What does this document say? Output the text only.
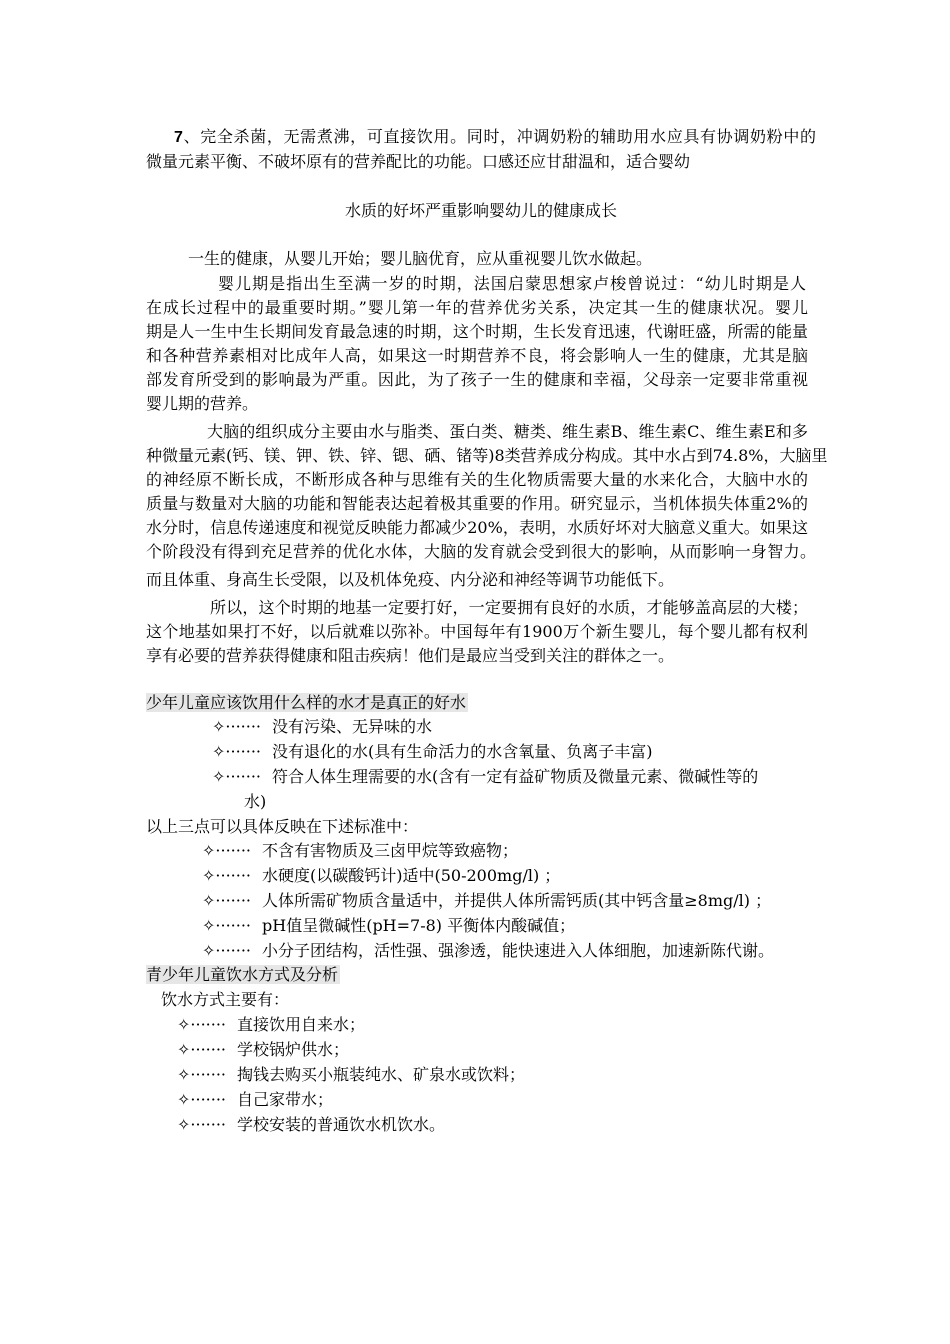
7、完全杀菌，无需煮沸，可直接饮用。同时，冲调奶粉的辅助用水应具有协调奶粉中的
微量元素平衡、不破坏原有的营养配比的功能。口感还应甘甜温和，适合婴幼
水质的好坏严重影响婴幼儿的健康成长
一生的健康，从婴儿开始；婴儿脑优育，应从重视婴儿饮水做起。
婴儿期是指出生至满一岁的时期，法国启蒙思想家卢梭曾说过：“幼儿时期是人
在成长过程中的最重要时期。”婴儿第一年的营养优劣关系，决定其一生的健康状况。婴儿
期是人一生中生长期间发育最急速的时期，这个时期，生长发育迅速，代谢旺盛，所需的能量
和各种营养素相对比成年人高，如果这一时期营养不良，将会影响人一生的健康，尤其是脑
部发育所受到的影响最为严重。因此，为了孩子一生的健康和幸福，父母亲一定要非常重视
婴儿期的营养。
大脑的组织成分主要由水与脂类、蛋白类、糖类、维生素B、维生素C、维生素E和多
种微量元素(钙、镁、钾、铁、锌、锶、硒、锗等)8类营养成分构成。其中水占到74.8%，大脑里
的神经原不断长成，不断形成各种与思维有关的生化物质需要大量的水来化合，大脑中水的
质量与数量对大脑的功能和智能表达起着极其重要的作用。研究显示，当机体损失体重2%的
水分时，信息传递速度和视觉反映能力都减少20%，表明，水质好坏对大脑意义重大。如果这
个阶段没有得到充足营养的优化水体，大脑的发育就会受到很大的影响，从而影响一身智力。
而且体重、身高生长受限，以及机体免疫、内分泌和神经等调节功能低下。
所以，这个时期的地基一定要打好，一定要拥有良好的水质，才能够盖高层的大楼；
这个地基如果打不好，以后就难以弥补。中国每年有1900万个新生婴儿，每个婴儿都有权利
享有必要的营养获得健康和阻击疾病！他们是最应当受到关注的群体之一。
少年儿童应该饮用什么样的水才是真正的好水
✧······· 没有污染、无异味的水
✧······· 没有退化的水(具有生命活力的水含氧量、负离子丰富)
✧······· 符合人体生理需要的水(含有一定有益矿物质及微量元素、微碱性等的
水)
以上三点可以具体反映在下述标准中：
✧······· 不含有害物质及三卤甲烷等致癌物；
✧······· 水硬度(以碳酸钙计)适中(50-200mg/l) ；
✧······· 人体所需矿物质含量适中，并提供人体所需钙质(其中钙含量≥8mg/l) ；
✧······· pH值呈微碱性(pH=7-8) 平衡体内酸碱值；
✧······· 小分子团结构，活性强、强渗透，能快速进入人体细胞，加速新陈代谢。
青少年儿童饮水方式及分析
饮水方式主要有：
✧······· 直接饮用自来水；
✧······· 学校锅炉供水；
✧······· 掏钱去购买小瓶装纯水、矿泉水或饮料；
✧······· 自己家带水；
✧······· 学校安装的普通饮水机饮水。
